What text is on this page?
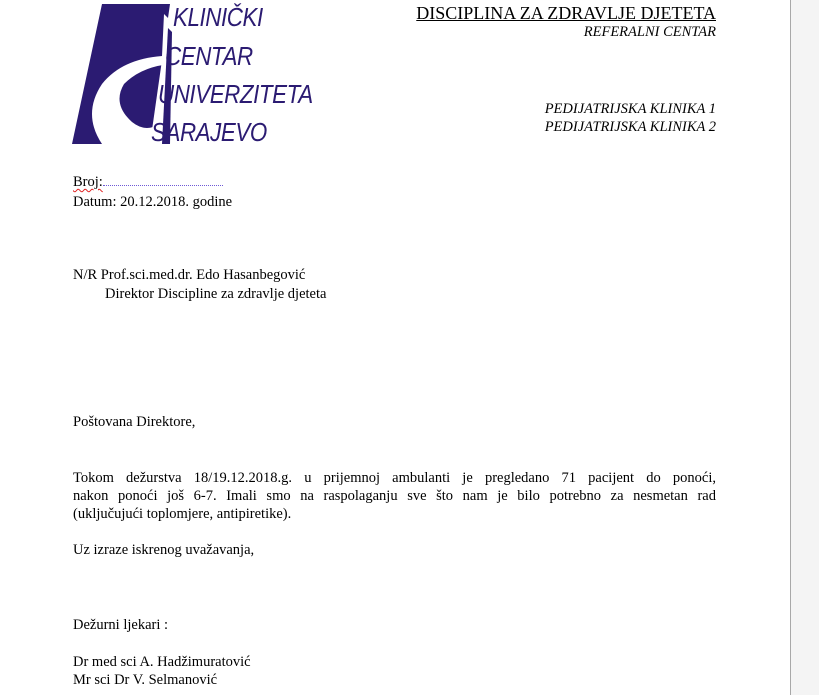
KLINIČKI
CENTAR
UNIVERZITETA
SARAJEVO
DISCIPLINA ZA ZDRAVLJE DJETETA
REFERALNI CENTAR
PEDIJATRIJSKA KLINIKA 1
PEDIJATRIJSKA KLINIKA 2
Broj:
Datum: 20.12.2018. godine
N/R Prof.sci.med.dr. Edo Hasanbegović
Direktor Discipline za zdravlje djeteta
Poštovana Direktore,
Tokom dežurstva 18/19.12.2018.g. u prijemnoj ambulanti je pregledano 71 pacijent do ponoći,
nakon ponoći još 6-7. Imali smo na raspolaganju sve što nam je bilo potrebno za nesmetan rad
(uključujući toplomjere, antipiretike).
Uz izraze iskrenog uvažavanja,
Dežurni ljekari :
Dr med sci A. Hadžimuratović
Mr sci Dr V. Selmanović
